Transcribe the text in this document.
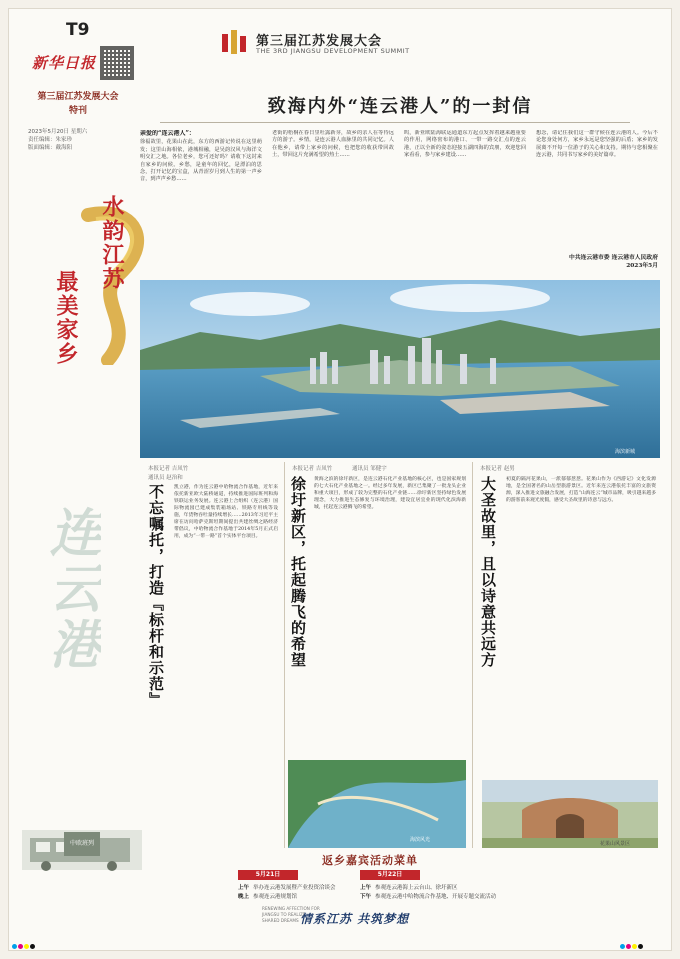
T9
新华日报
第三届江苏发展大会
特刊
2023年5月20日 星期六
责任编辑：朱家珍
版面编辑：戴海阳
水韵江苏
最美家乡
连云港
中欧班列
第三届江苏发展大会
THE 3RD JIANGSU DEVELOPMENT SUMMIT
致海内外“连云港人”的一封信
亲爱的“连云港人”：
徐福故里，花果山在此，东方的西游记传说在这里萌发；这里山海相依，港城相融，是吴韵汉风与海洋文明交汇之地。各位老乡，您可还好吗？请收下这封来自家乡的问候。乡愁，是童年的回忆，是漂泊的思念，打开记忆的宝盒，从青涩岁月到人生的第一声乡音，到声声乡愁……
老街的梧桐在春日里吐露新芽，故乡的亲人在等待远方的游子。乡情，是连云港人血脉里的共同记忆。人在他乡，请带上家乡的问候，也把您的收获带回故土，带回这片充满希望的热土……
呜，新亚欧陆海联运通道东方起点发挥着越来越重要的作用，网络密布的港口、一带一路交汇点的连云港，正以全新的姿态迎接五湖四海的宾朋，欢迎您回家看看，参与家乡建设……
想念，请记住我们这一群守候在连云港的人。今后不论您身处何方，家乡永远是您坚强的后盾；家乡的发展离不开每一位游子的关心和支持。期待与您相聚在连云港，共同书写家乡的美好篇章。
中共连云港市委 连云港市人民政府
2023年5月
海滨新城
本报记者 吉凤竹
通讯员 赵治和
不忘嘱托，打造『标杆和示范』 凯立港，作为连云港中哈物流合作基地，近年来依托新亚欧大陆桥通道，持续推进国际班列和海铁联运业务发展。连云港上合组织（连云港）国际物流园已建成集装箱场站、铁路专用线等设施，年货物吞吐量持续增长……2013年习近平主席在访问哈萨克斯坦期间提出共建丝绸之路经济带倡议，中哈物流合作基地于2014年5月正式启用，成为“一带一路”首个实体平台项目。
本报记者 吉凤竹	通讯员 邹健宇
徐圩新区，托起腾飞的希望 黄海之滨的徐圩新区，是连云港石化产业基地的核心区，也是国家规划的七大石化产业基地之一。经过多年发展，新区已集聚了一批龙头企业和重大项目，形成了较为完整的石化产业链……徐圩新区坚持绿色发展理念，大力推进生态修复与环境治理，建设宜居宜业的现代化滨海新城，托起连云港腾飞的希望。
本报记者 赵男
大圣故里，且以诗意共远方 初夏的隔河花果山，一派郁郁葱葱。花果山作为《西游记》文化发源地，是全国著名的山岳型旅游景区。近年来连云港依托丰富的文旅资源，深入推进文旅融合发展，打造“山海连云”城市品牌，吸引越来越多的游客前来观光度假，感受大圣故里的诗意与远方。
海滨风光
花果山风景区
返乡嘉宾活动菜单
5月21日
上午 举办连云港发展暨产业投资洽谈会
晚上 参观连云港规划馆
5月22日
上午 参观连云港海上云台山、徐圩新区
下午 参观连云港中哈物流合作基地、开展专题交流活动
RENEWING AFFECTION FOR JIANGSU TO REALIZE SHARED DREAMS 情系江苏 共筑梦想
